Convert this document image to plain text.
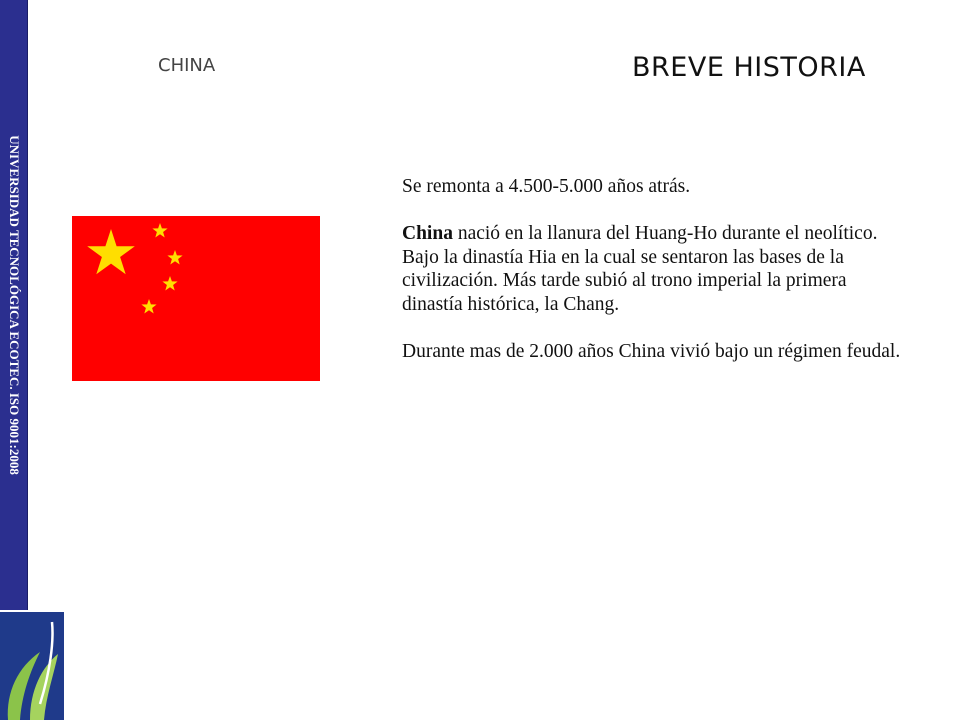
UNIVERSIDAD TECNOLÓGICA ECOTEC. ISO 9001:2008
CHINA	BREVE HISTORIA

Se remonta a 4.500-5.000 años atrás.

China nació en la llanura del Huang-Ho durante el neolítico. Bajo la dinastía Hia en la cual se sentaron las bases de la civilización. Más tarde subió al trono imperial la primera dinastía histórica, la Chang.

Durante mas de 2.000 años China vivió bajo un régimen feudal.
